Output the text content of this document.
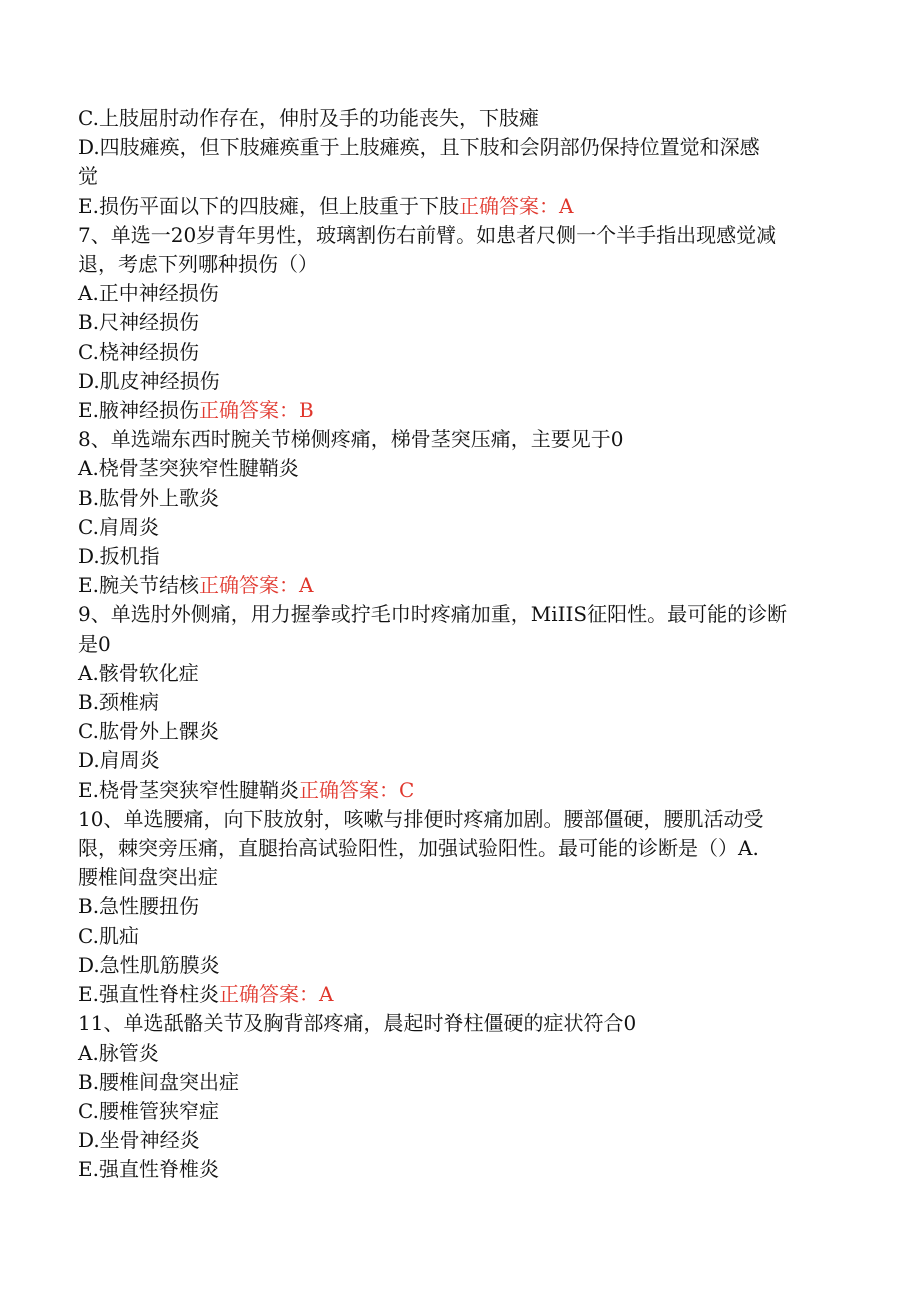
C.上肢屈肘动作存在，伸肘及手的功能丧失，下肢瘫

D.四肢瘫痪，但下肢瘫痪重于上肢瘫痪，且下肢和会阴部仍保持位置觉和深感

觉

E.损伤平面以下的四肢瘫，但上肢重于下肢正确答案：A

7、单选一20岁青年男性，玻璃割伤右前臂。如患者尺侧一个半手指出现感觉减

退，考虑下列哪种损伤（）

A.正中神经损伤

B.尺神经损伤

C.桡神经损伤

D.肌皮神经损伤

E.腋神经损伤正确答案：B

8、单选端东西时腕关节梯侧疼痛，梯骨茎突压痛，主要见于0

A.桡骨茎突狭窄性腱鞘炎

B.肱骨外上歌炎

C.肩周炎

D.扳机指

E.腕关节结核正确答案：A

9、单选肘外侧痛，用力握拳或拧毛巾时疼痛加重，MiIIS征阳性。最可能的诊断

是0

A.骸骨软化症

B.颈椎病

C.肱骨外上髁炎

D.肩周炎

E.桡骨茎突狭窄性腱鞘炎正确答案：C

10、单选腰痛，向下肢放射，咳嗽与排便时疼痛加剧。腰部僵硬，腰肌活动受

限，棘突旁压痛，直腿抬高试验阳性，加强试验阳性。最可能的诊断是（）A.

腰椎间盘突出症

B.急性腰扭伤

C.肌疝

D.急性肌筋膜炎

E.强直性脊柱炎正确答案：A

11、单选舐骼关节及胸背部疼痛，晨起时脊柱僵硬的症状符合0

A.脉管炎

B.腰椎间盘突出症

C.腰椎管狭窄症

D.坐骨神经炎

E.强直性脊椎炎
